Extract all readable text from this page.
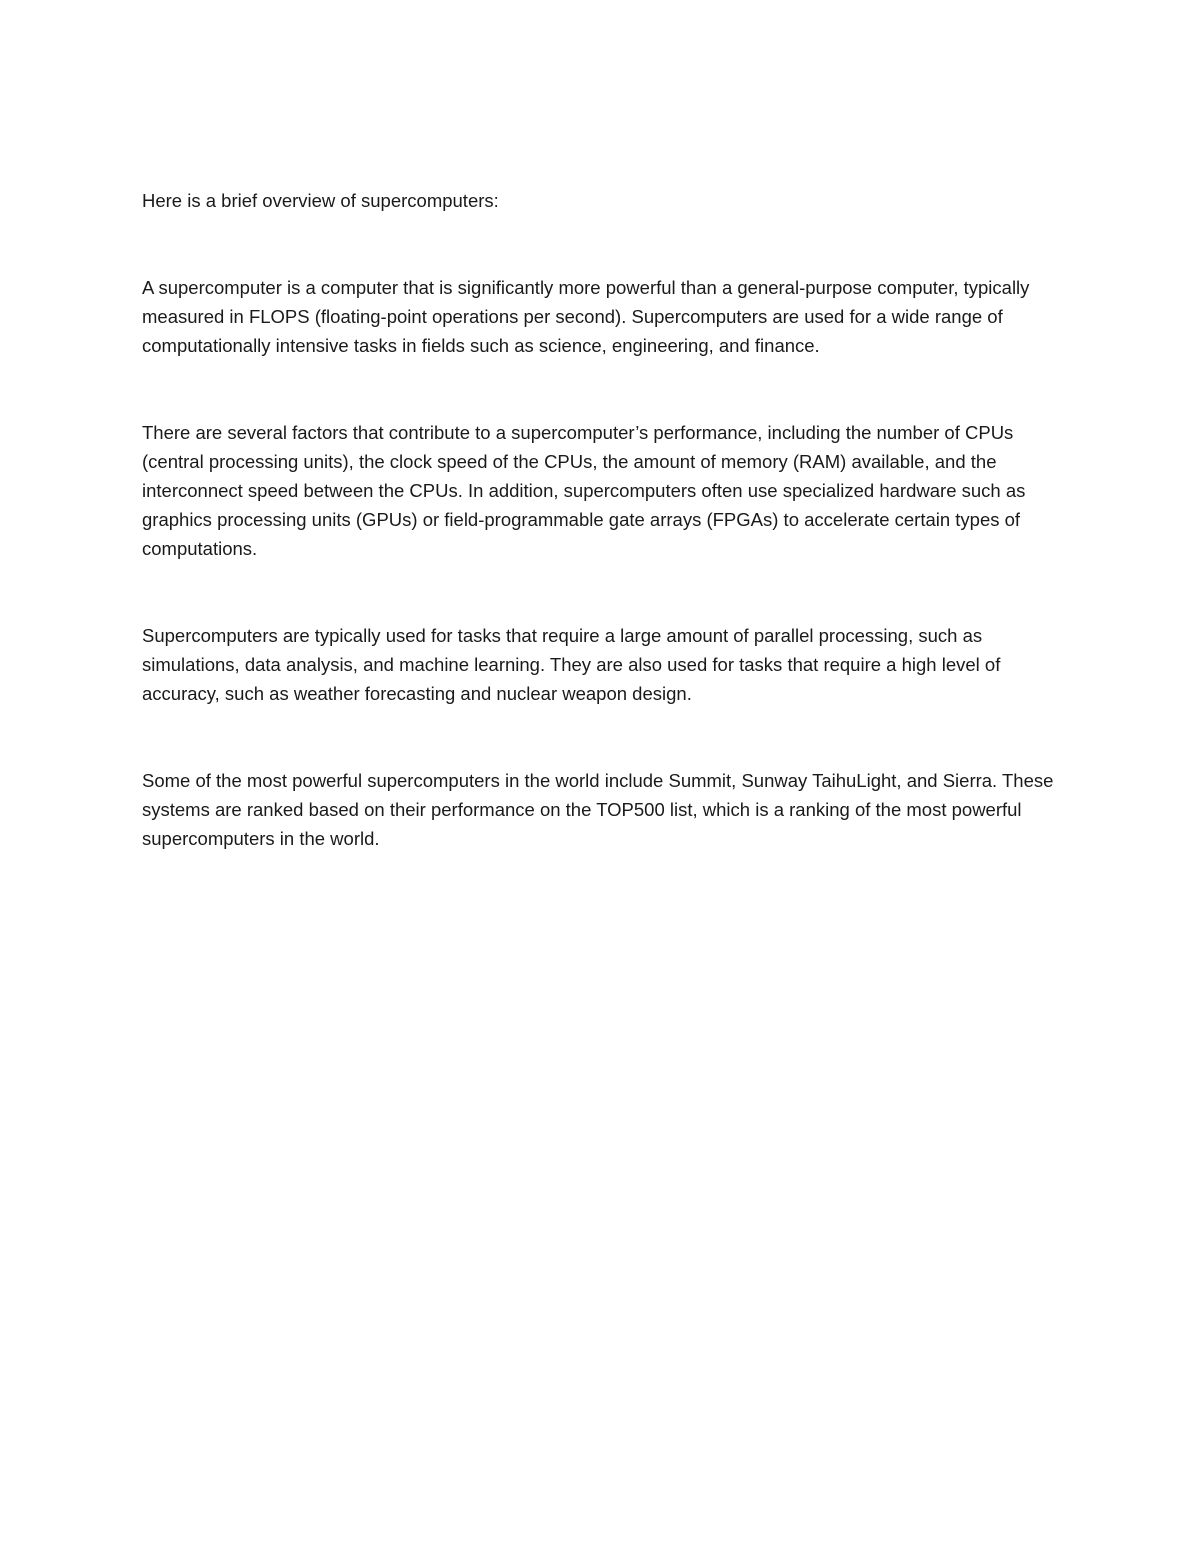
Here is a brief overview of supercomputers:

A supercomputer is a computer that is significantly more powerful than a general-purpose computer, typically measured in FLOPS (floating-point operations per second). Supercomputers are used for a wide range of computationally intensive tasks in fields such as science, engineering, and finance.

There are several factors that contribute to a supercomputer’s performance, including the number of CPUs (central processing units), the clock speed of the CPUs, the amount of memory (RAM) available, and the interconnect speed between the CPUs. In addition, supercomputers often use specialized hardware such as graphics processing units (GPUs) or field-programmable gate arrays (FPGAs) to accelerate certain types of computations.

Supercomputers are typically used for tasks that require a large amount of parallel processing, such as simulations, data analysis, and machine learning. They are also used for tasks that require a high level of accuracy, such as weather forecasting and nuclear weapon design.

Some of the most powerful supercomputers in the world include Summit, Sunway TaihuLight, and Sierra. These systems are ranked based on their performance on the TOP500 list, which is a ranking of the most powerful supercomputers in the world.
